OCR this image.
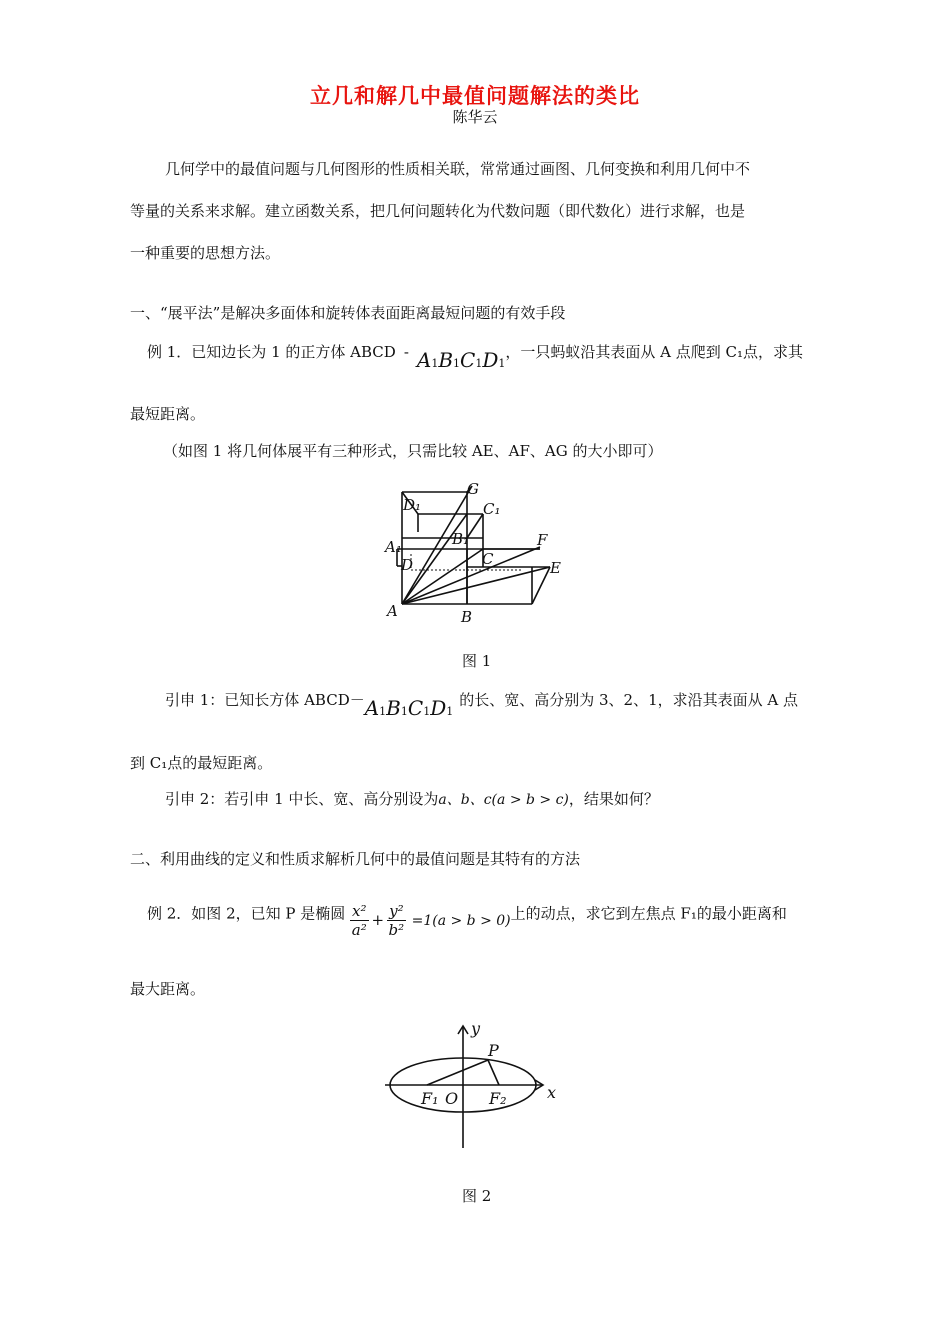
立几和解几中最值问题解法的类比
陈华云
几何学中的最值问题与几何图形的性质相关联，常常通过画图、几何变换和利用几何中不
等量的关系来求解。建立函数关系，把几何问题转化为代数问题（即代数化）进行求解，也是
一种重要的思想方法。
一、“展平法”是解决多面体和旋转体表面距离最短问题的有效手段
例 1．已知边长为 1 的正方体 ABCD - A1B1C1D1，一只蚂蚁沿其表面从 A 点爬到 C₁点，求其
最短距离。
（如图 1 将几何体展平有三种形式，只需比较 AE、AF、AG 的大小即可）
G
D₁	C₁
A₁	B₁
D	C
F
E
A	B
图 1
引申 1：已知长方体 ABCD－A1B1C1D1的长、宽、高分别为 3、2、1，求沿其表面从 A 点
到 C₁点的最短距离。
引申 2：若引申 1 中长、宽、高分别设为a、b、c(a > b > c)，结果如何？
二、利用曲线的定义和性质求解析几何中的最值问题是其特有的方法
例 2．如图 2，已知 P 是椭圆 $\frac{\text{x²}}{\text{a²}} + \frac{\text{y²}}{\text{b²}} =1(a > b > 0)$上的动点，求它到左焦点 F₁的最小距离和
最大距离。
y
x
P
F₁ O F₂
图 2
